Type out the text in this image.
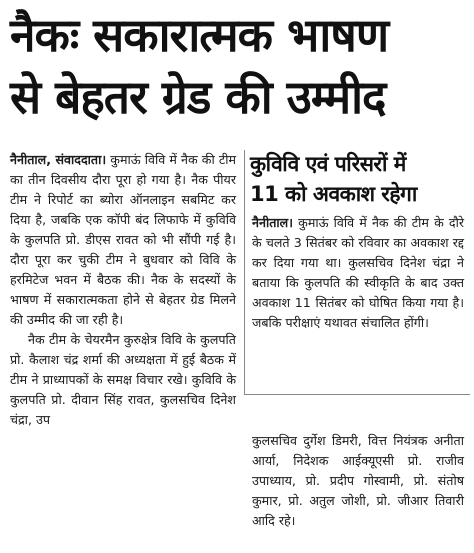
नैकः सकारात्मक भाषण
से बेहतर ग्रेड की उम्मीद

नैनीताल, संवाददाता। कुमाऊं विवि में नैक की टीम का तीन दिवसीय दौरा पूरा हो गया है। नैक पीयर टीम ने रिपोर्ट का ब्योरा ऑनलाइन सबमिट कर दिया है, जबकि एक कॉपी बंद लिफाफे में कुविवि के कुलपति प्रो. डीएस रावत को भी सौंपी गई है। दौरा पूरा कर चुकी टीम ने बुधवार को विवि के हरमिटेज भवन में बैठक की। नैक के सदस्यों के भाषण में सकारात्मकता होने से बेहतर ग्रेड मिलने की उम्मीद की जा रही है।

नैक टीम के चेयरमैन कुरुक्षेत्र विवि के कुलपति प्रो. कैलाश चंद्र शर्मा की अध्यक्षता में हुई बैठक में टीम ने प्राध्यापकों के समक्ष विचार रखे। कुविवि के कुलपति प्रो. दीवान सिंह रावत, कुलसचिव दिनेश चंद्रा, उप

कुविवि एवं परिसरों में
11 को अवकाश रहेगा

नैनीताल। कुमाऊं विवि में नैक की टीम के दौरे के चलते 3 सितंबर को रविवार का अवकाश रद्द कर दिया गया था। कुलसचिव दिनेश चंद्रा ने बताया कि कुलपति की स्वीकृति के बाद उक्त अवकाश 11 सितंबर को घोषित किया गया है। जबकि परीक्षाएं यथावत संचालित होंगी।

कुलसचिव दुर्गेश डिमरी, वित्त नियंत्रक अनीता आर्या, निदेशक आईक्यूएसी प्रो. राजीव उपाध्याय, प्रो. प्रदीप गोस्वामी, प्रो. संतोष कुमार, प्रो. अतुल जोशी, प्रो. जीआर तिवारी आदि रहे।
